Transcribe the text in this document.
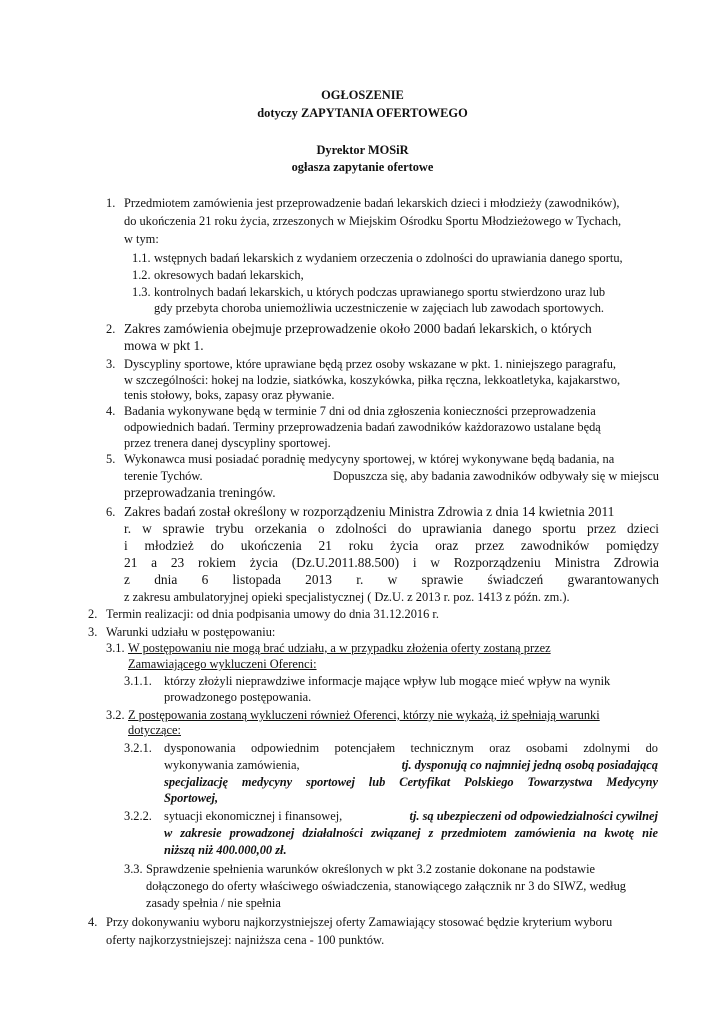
OGŁOSZENIE
dotyczy ZAPYTANIA OFERTOWEGO
Dyrektor MOSiR
ogłasza zapytanie ofertowe
1. Przedmiotem zamówienia jest przeprowadzenie badań lekarskich dzieci i młodzieży (zawodników),
do ukończenia 21 roku życia, zrzeszonych w Miejskim Ośrodku Sportu Młodzieżowego w Tychach,
w tym:
1.1. wstępnych badań lekarskich z wydaniem orzeczenia o zdolności do uprawiania danego sportu,
1.2. okresowych badań lekarskich,
1.3. kontrolnych badań lekarskich, u których podczas uprawianego sportu stwierdzono uraz lub
gdy przebyta choroba uniemożliwia uczestniczenie w zajęciach lub zawodach sportowych.
2. Zakres zamówienia obejmuje przeprowadzenie około 2000 badań lekarskich, o których
mowa w pkt 1.
3. Dyscypliny sportowe, które uprawiane będą przez osoby wskazane w pkt. 1. niniejszego paragrafu,
w szczególności: hokej na lodzie, siatkówka, koszykówka, piłka ręczna, lekkoatletyka, kajakarstwo,
tenis stołowy, boks, zapasy oraz pływanie.
4. Badania wykonywane będą w terminie 7 dni od dnia zgłoszenia konieczności przeprowadzenia
odpowiednich badań. Terminy przeprowadzenia badań zawodników każdorazowo ustalane będą
przez trenera danej dyscypliny sportowej.
5. Wykonawca musi posiadać poradnię medycyny sportowej, w której wykonywane będą badania, na
terenie Tychów.	Dopuszcza się, aby badania zawodników odbywały się w miejscu
przeprowadzania treningów.
6. Zakres badań został określony w rozporządzeniu Ministra Zdrowia z dnia 14 kwietnia 2011
r. w sprawie trybu orzekania o zdolności do uprawiania danego sportu przez dzieci
i młodzież do ukończenia 21 roku życia oraz przez zawodników pomiędzy
21 a 23 rokiem życia (Dz.U.2011.88.500) i w Rozporządzeniu Ministra Zdrowia
z dnia 6 listopada 2013 r. w sprawie świadczeń gwarantowanych
z zakresu ambulatoryjnej opieki specjalistycznej ( Dz.U. z 2013 r. poz. 1413 z późn. zm.).
2. Termin realizacji: od dnia podpisania umowy do dnia 31.12.2016 r.
3. Warunki udziału w postępowaniu:
3.1. W postępowaniu nie mogą brać udziału, a w przypadku złożenia oferty zostaną przez
Zamawiającego wykluczeni Oferenci:
3.1.1. którzy złożyli nieprawdziwe informacje mające wpływ lub mogące mieć wpływ na wynik
prowadzonego postępowania.
3.2. Z postępowania zostaną wykluczeni również Oferenci, którzy nie wykażą, iż spełniają warunki
dotyczące:
3.2.1. dysponowania odpowiednim potencjałem technicznym oraz osobami zdolnymi do
wykonywania zamówienia,	tj. dysponują co najmniej jedną osobą posiadającą
specjalizację medycyny sportowej lub Certyfikat Polskiego Towarzystwa Medycyny
Sportowej,
3.2.2. sytuacji ekonomicznej i finansowej,	tj. są ubezpieczeni od odpowiedzialności cywilnej
w zakresie prowadzonej działalności związanej z przedmiotem zamówienia na kwotę nie
niższą niż 400.000,00 zł.
3.3. Sprawdzenie spełnienia warunków określonych w pkt 3.2 zostanie dokonane na podstawie
dołączonego do oferty właściwego oświadczenia, stanowiącego załącznik nr 3 do SIWZ, według
zasady spełnia / nie spełnia
4. Przy dokonywaniu wyboru najkorzystniejszej oferty Zamawiający stosować będzie kryterium wyboru
oferty najkorzystniejszej: najniższa cena - 100 punktów.
